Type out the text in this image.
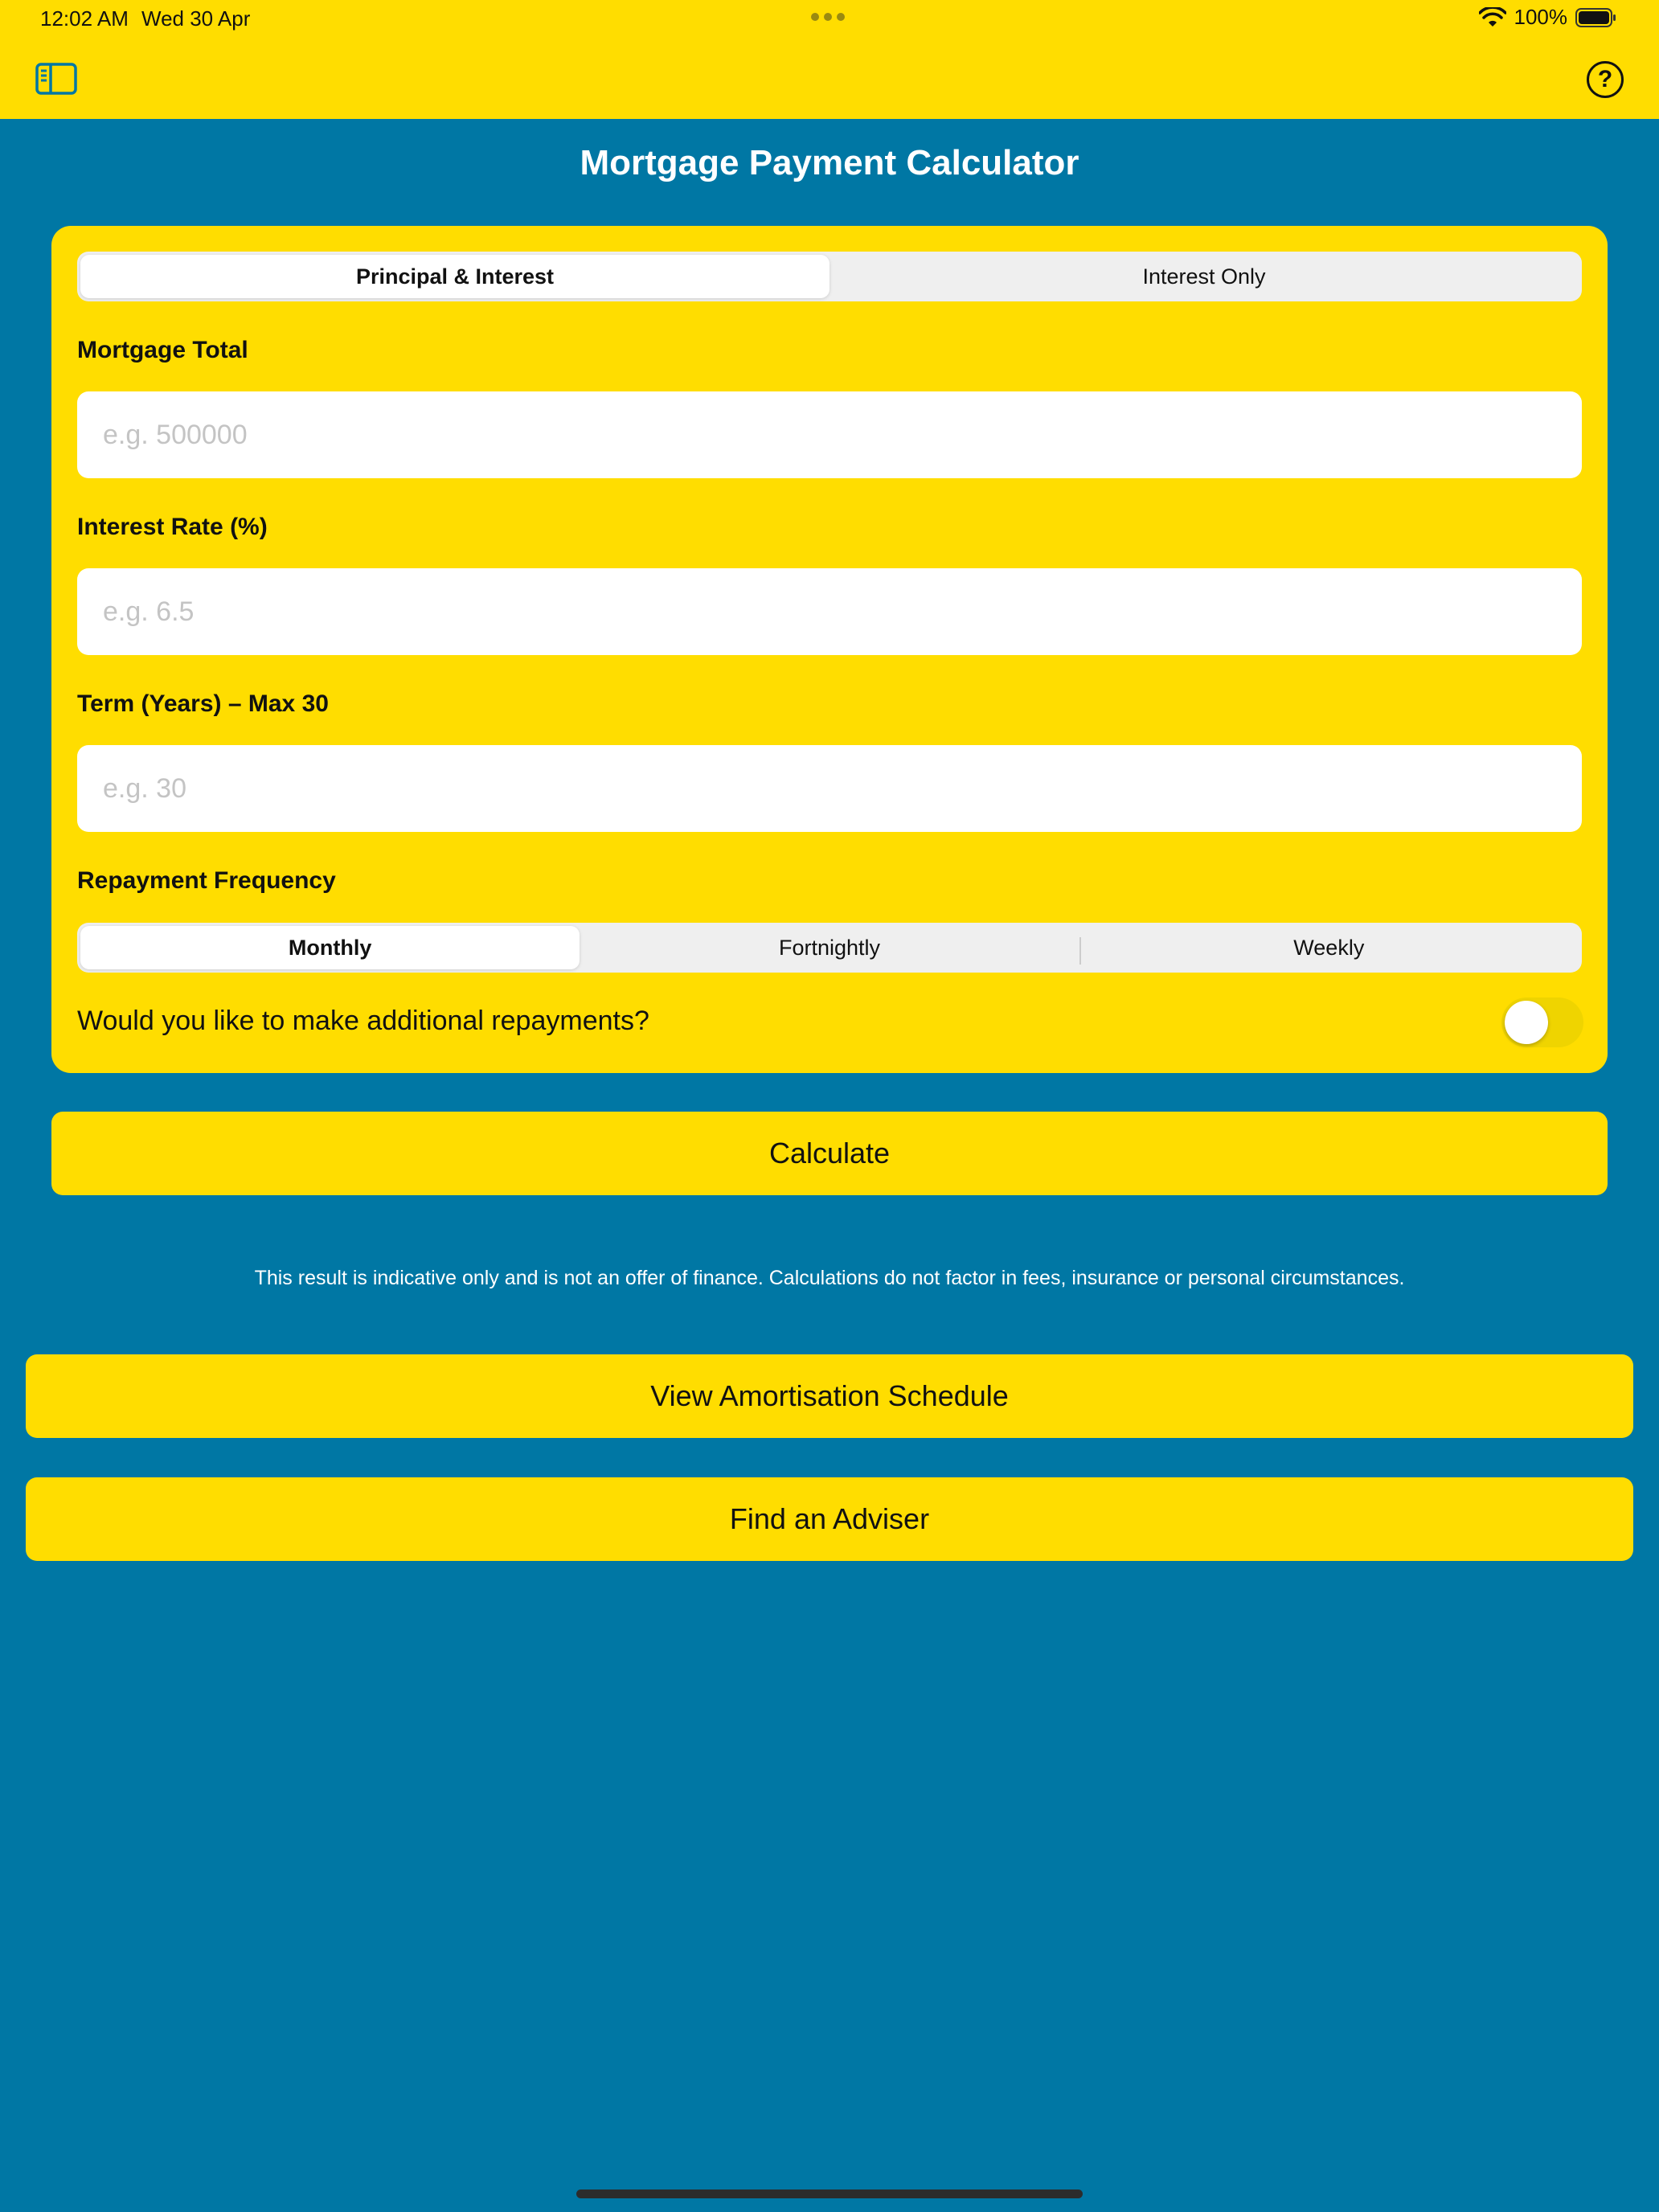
12:02 AM Wed 30 Apr	100%
?
Mortgage Payment Calculator
Principal & Interest	Interest Only
Mortgage Total
e.g. 500000
Interest Rate (%)
e.g. 6.5
Term (Years) – Max 30
e.g. 30
Repayment Frequency
Monthly	Fortnightly	Weekly
Would you like to make additional repayments?
Calculate

This result is indicative only and is not an offer of finance. Calculations do not factor in fees, insurance or personal circumstances.

View Amortisation Schedule
Find an Adviser
